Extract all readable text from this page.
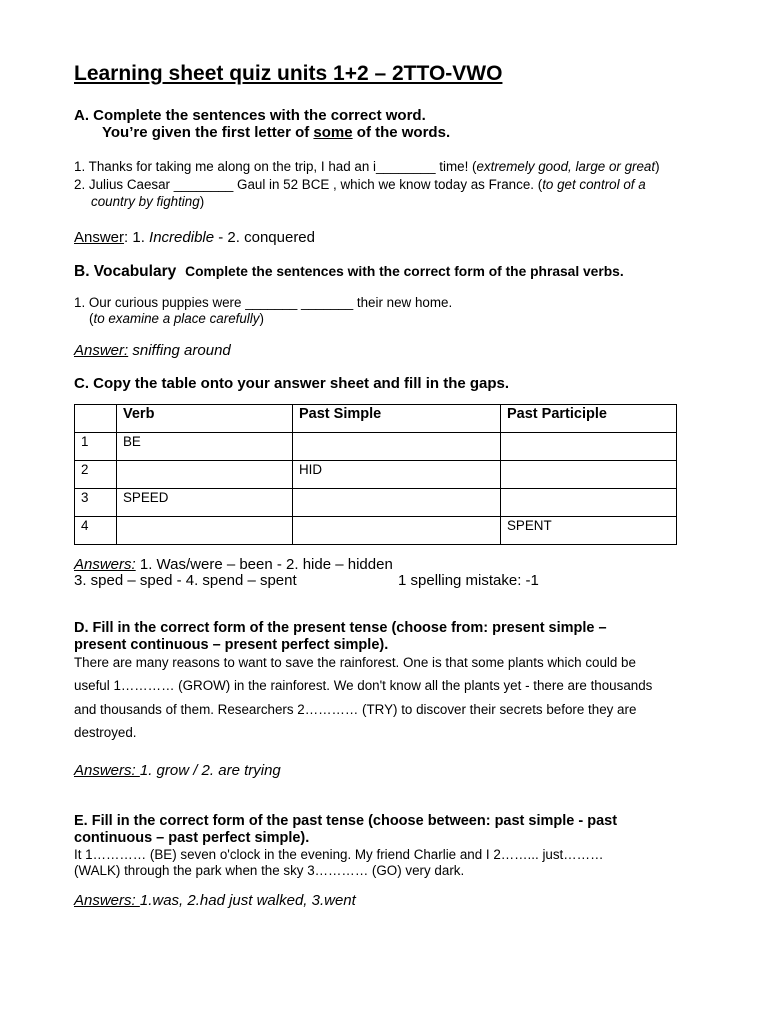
Learning sheet quiz units 1+2 – 2TTO-VWO
A. Complete the sentences with the correct word.
You’re given the first letter of some of the words.
1. Thanks for taking me along on the trip, I had an i________ time! (extremely good, large or great)
2. Julius Caesar ________ Gaul in 52 BCE , which we know today as France. (to get control of a
country by fighting)
Answer: 1. Incredible - 2. conquered
B. Vocabulary Complete the sentences with the correct form of the phrasal verbs.
1. Our curious puppies were _______ _______ their new home.
(to examine a place carefully)
Answer: sniffing around
C. Copy the table onto your answer sheet and fill in the gaps.
	Verb	Past Simple	Past Participle
1	BE		
2		HID	
3	SPEED		
4			SPENT
Answers: 1. Was/were – been - 2. hide – hidden
3. sped – sped - 4. spend – spent	1 spelling mistake: -1
D. Fill in the correct form of the present tense (choose from: present simple –
present continuous – present perfect simple).
There are many reasons to want to save the rainforest. One is that some plants which could be
useful 1………… (GROW) in the rainforest. We don't know all the plants yet - there are thousands
and thousands of them. Researchers 2………… (TRY) to discover their secrets before they are
destroyed.
Answers: 1. grow / 2. are trying
E. Fill in the correct form of the past tense (choose between: past simple - past
continuous – past perfect simple).
It 1………… (BE) seven o'clock in the evening. My friend Charlie and I 2……... just………
(WALK) through the park when the sky 3………… (GO) very dark.
Answers: 1.was, 2.had just walked, 3.went
